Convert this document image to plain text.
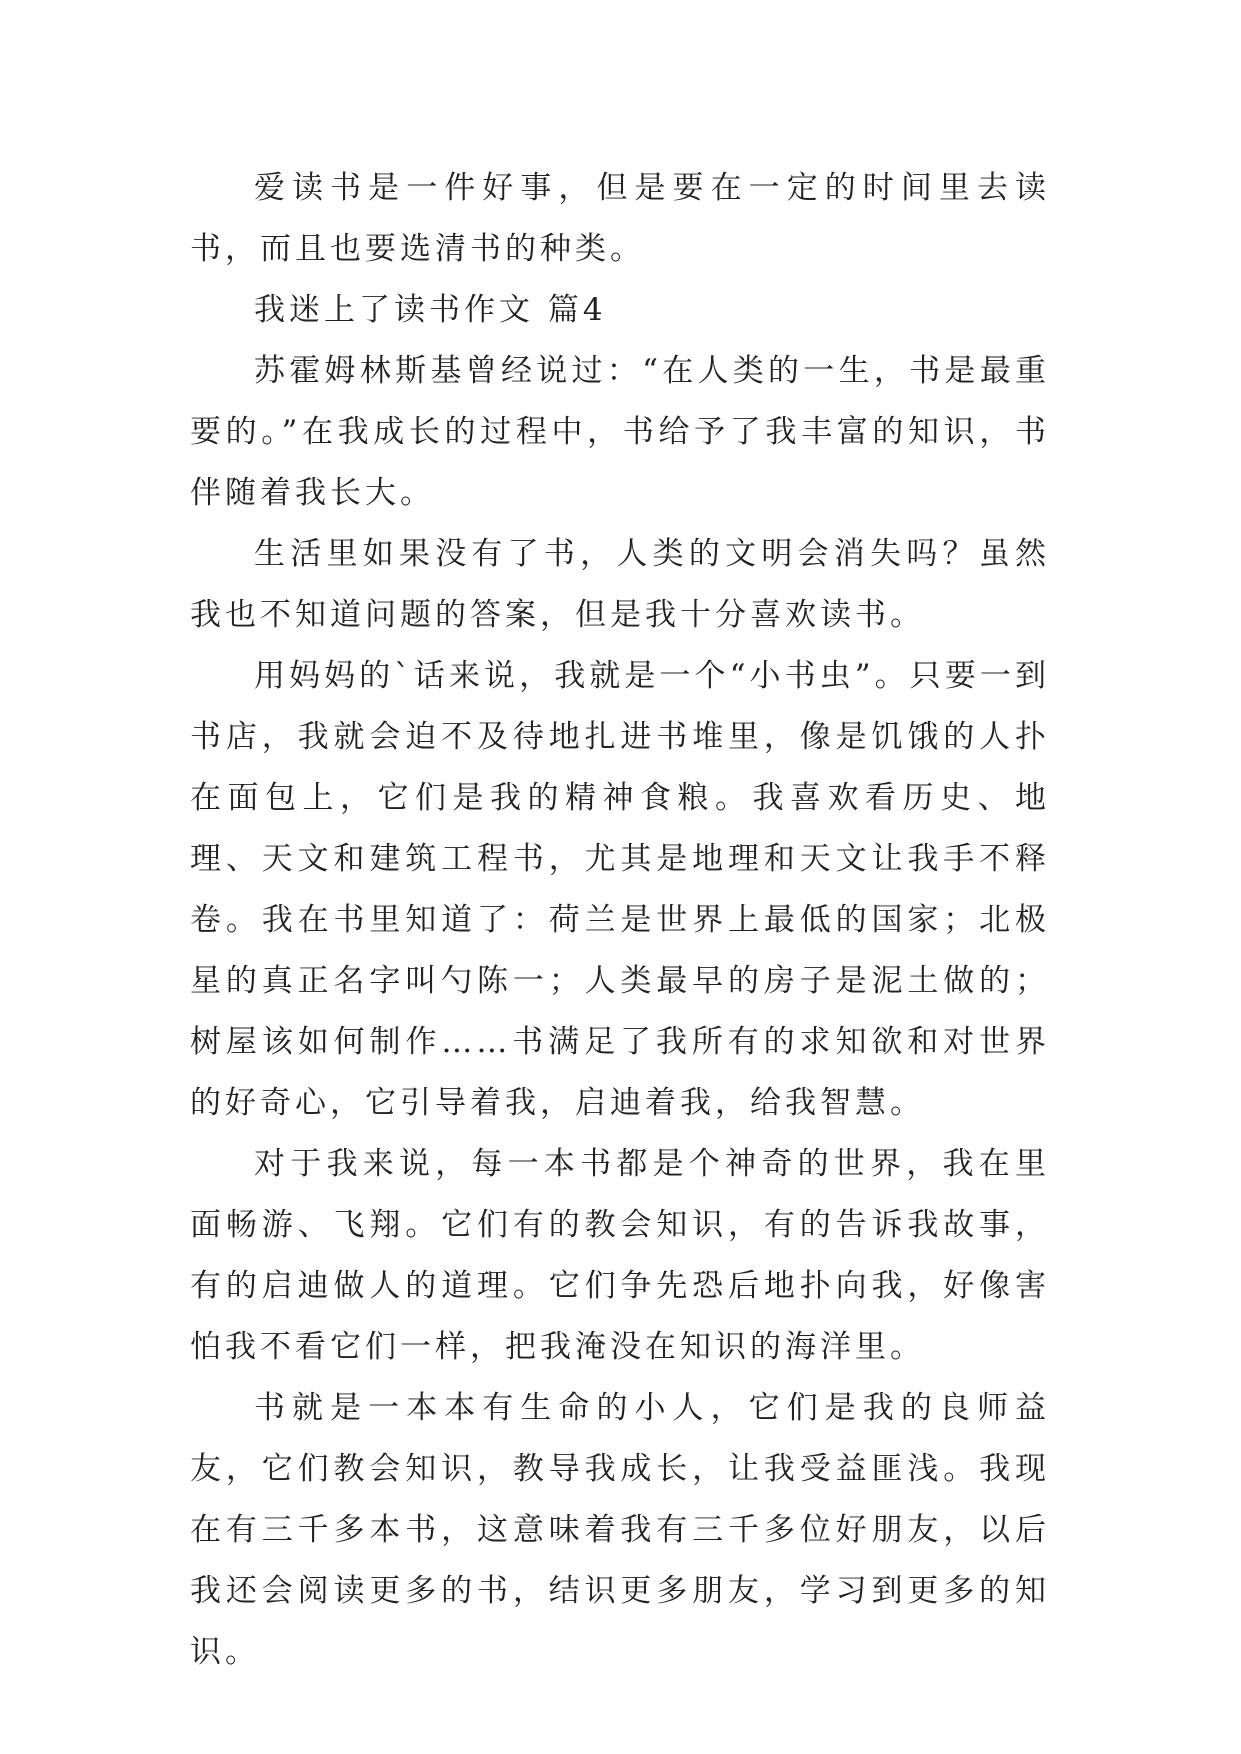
爱读书是一件好事，但是要在一定的时间里去读书，而且也要选清书的种类。

我迷上了读书作文 篇4

苏霍姆林斯基曾经说过：“在人类的一生，书是最重要的。”在我成长的过程中，书给予了我丰富的知识，书伴随着我长大。

生活里如果没有了书，人类的文明会消失吗？虽然我也不知道问题的答案，但是我十分喜欢读书。

用妈妈的`话来说，我就是一个“小书虫”。只要一到书店，我就会迫不及待地扎进书堆里，像是饥饿的人扑在面包上，它们是我的精神食粮。我喜欢看历史、地理、天文和建筑工程书，尤其是地理和天文让我手不释卷。我在书里知道了：荷兰是世界上最低的国家；北极星的真正名字叫勺陈一；人类最早的房子是泥土做的；树屋该如何制作……书满足了我所有的求知欲和对世界的好奇心，它引导着我，启迪着我，给我智慧。

对于我来说，每一本书都是个神奇的世界，我在里面畅游、飞翔。它们有的教会知识，有的告诉我故事，有的启迪做人的道理。它们争先恐后地扑向我，好像害怕我不看它们一样，把我淹没在知识的海洋里。

书就是一本本有生命的小人，它们是我的良师益友，它们教会知识，教导我成长，让我受益匪浅。我现在有三千多本书，这意味着我有三千多位好朋友，以后我还会阅读更多的书，结识更多朋友，学习到更多的知识。
